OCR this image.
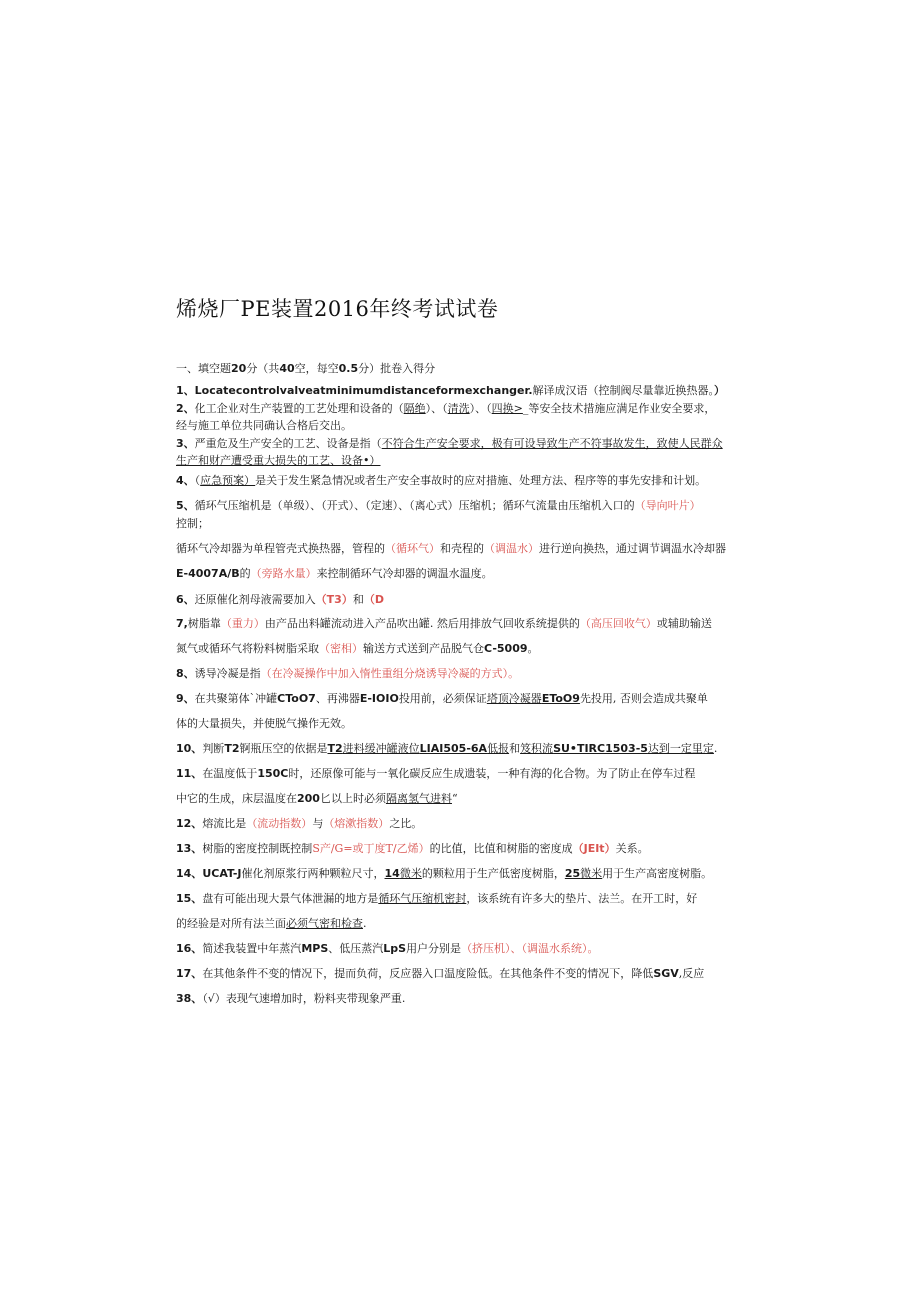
烯烧厂PE装置2016年终考试试卷
一、填空题20分（共40空，每空0.5分）批卷入得分
1、Locatecontrolvalveatminimumdistanceformexchanger.解译成汉语（控制阀尽量靠近换热器。）
2、化工企业对生产装置的工艺处理和设备的（隔绝）、（清洗）、（四换>_等安全技术措施应满足作业安全要求，
经与施工单位共同确认合格后交出。
3、严重危及生产安全的工艺、设备是指（不符合生产安全要求，极有可设导致生产不符事故发生，致使人民群众
生产和财产遭受重大损失的工艺、设备•）
4、（应急预案）是关于发生紧急情况或者生产安全事故时的应对措施、处理方法、程序等的事先安排和计划。
5、循环气压缩机是（单级）、（开式）、（定速）、（离心式）压缩机；循环气流量由压缩机入口的（导向叶片）
控制；
循环气冷却器为单程管壳式换热器，管程的（循环气）和壳程的（调温水）进行逆向换热，通过调节调温水冷却器
E-4007A/B的（旁路水量）来控制循环气冷却器的调温水温度。
6、还原催化剂母液需要加入（T3）和（D
7,树脂靠（重力）由产品出料罐流动进入产品吹出罐. 然后用排放气回收系统提供的（高压回收气）或辅助输送
氮气或循环气将粉料树脂采取（密相）输送方式送到产品脱气仓C-5009。
8、诱导冷凝是指（在冷凝操作中加入惰性重组分烧诱导冷凝的方式）。
9、在共聚第体`冲罐CToO7、再沸器E-IOIO投用前，必须保证塔顶冷凝器EToO9先投用, 否则会造成共聚单
体的大量损失，并使脱气操作无效。
10、判断T2锕瓶压空的依据是T2进料缓冲罐液位LIAI505-6A低报和笈积流SU•TIRC1503-5达到一定里定.
11、在温度低于150C时，还原像可能与一氧化碳反应生成遗装，一种有海的化合物。为了防止在停车过程
中它的生成，床层温度在200匕以上时必须隔离氢气进料“
12、熔流比是（流动指数）与（熔漱指数）之比。
13、树脂的密度控制既控制S产/G=或丁度T/乙烯）的比值，比值和树脂的密度成（JEIt）关系。
14、UCAT-J催化剂原浆行两种颗粒尺寸，14微米的颗粒用于生产低密度树脂，25微米用于生产高密度树脂。
15、盘有可能出现大景气体泄漏的地方是循环气压缩机密封，该系统有许多大的垫片、法兰。在开工时，好
的经验是对所有法兰面必须气密和检查.
16、简述我装置中年蒸汽MPS、低压蒸汽LpS用户分别是（挤压机）、（调温水系统）。
17、在其他条件不变的情况下，提而负荷，反应器入口温度险低。在其他条件不变的情况下，降低SGV,反应
38、（√）表现气速增加时，粉料夹带现象严重.
